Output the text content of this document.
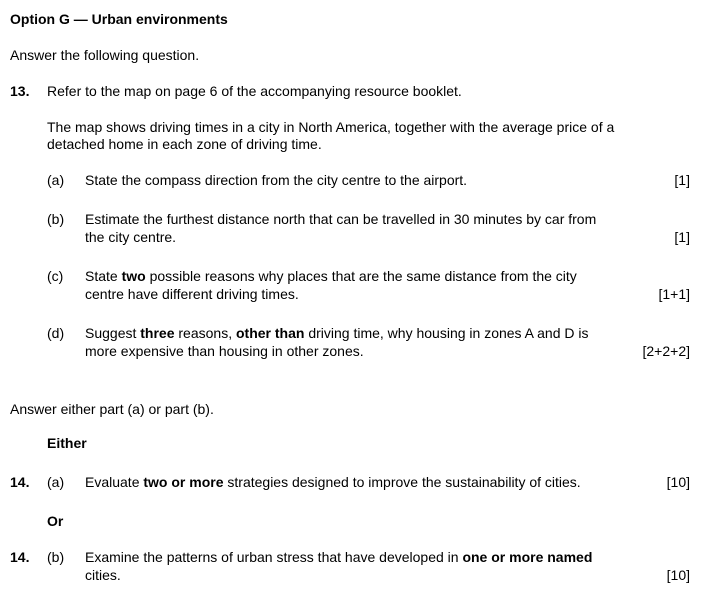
Option G — Urban environments
Answer the following question.
13. Refer to the map on page 6 of the accompanying resource booklet.
The map shows driving times in a city in North America, together with the average price of a
detached home in each zone of driving time.
(a) State the compass direction from the city centre to the airport.	[1]
(b) Estimate the furthest distance north that can be travelled in 30 minutes by car from
the city centre.	[1]
(c) State two possible reasons why places that are the same distance from the city
centre have different driving times.	[1+1]
(d) Suggest three reasons, other than driving time, why housing in zones A and D is
more expensive than housing in other zones.	[2+2+2]
Answer either part (a) or part (b).
Either
14. (a) Evaluate two or more strategies designed to improve the sustainability of cities.	[10]
Or
14. (b) Examine the patterns of urban stress that have developed in one or more named
cities.	[10]
